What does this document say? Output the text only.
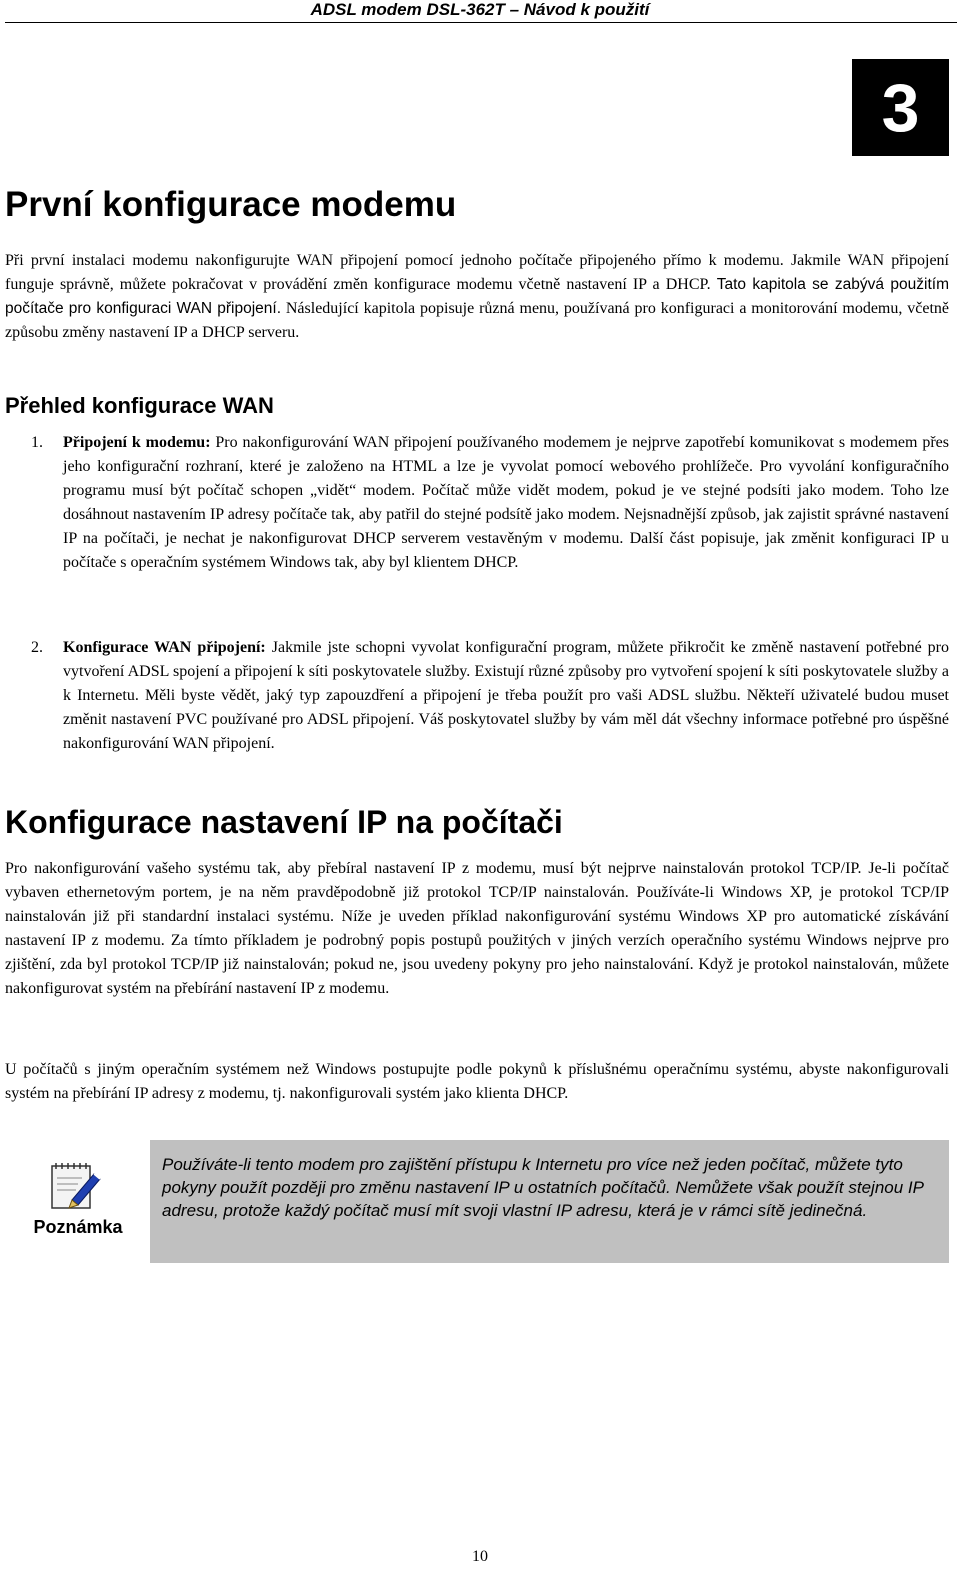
ADSL modem DSL-362T – Návod k použití
3
První konfigurace modemu

Při první instalaci modemu nakonfigurujte WAN připojení pomocí jednoho počítače připojeného přímo k modemu. Jakmile WAN připojení funguje správně, můžete pokračovat v provádění změn konfigurace modemu včetně nastavení IP a DHCP. Tato kapitola se zabývá použitím počítače pro konfiguraci WAN připojení. Následující kapitola popisuje různá menu, používaná pro konfiguraci a monitorování modemu, včetně způsobu změny nastavení IP a DHCP serveru.

Přehled konfigurace WAN
1. Připojení k modemu: Pro nakonfigurování WAN připojení používaného modemem je nejprve zapotřebí komunikovat s modemem přes jeho konfigurační rozhraní, které je založeno na HTML a lze je vyvolat pomocí webového prohlížeče. Pro vyvolání konfiguračního programu musí být počítač schopen „vidět“ modem. Počítač může vidět modem, pokud je ve stejné podsíti jako modem. Toho lze dosáhnout nastavením IP adresy počítače tak, aby patřil do stejné podsítě jako modem. Nejsnadnější způsob, jak zajistit správné nastavení IP na počítači, je nechat je nakonfigurovat DHCP serverem vestavěným v modemu. Další část popisuje, jak změnit konfiguraci IP u počítače s operačním systémem Windows tak, aby byl klientem DHCP.
2. Konfigurace WAN připojení: Jakmile jste schopni vyvolat konfigurační program, můžete přikročit ke změně nastavení potřebné pro vytvoření ADSL spojení a připojení k síti poskytovatele služby. Existují různé způsoby pro vytvoření spojení k síti poskytovatele služby a k Internetu. Měli byste vědět, jaký typ zapouzdření a připojení je třeba použít pro vaši ADSL službu. Někteří uživatelé budou muset změnit nastavení PVC používané pro ADSL připojení. Váš poskytovatel služby by vám měl dát všechny informace potřebné pro úspěšné nakonfigurování WAN připojení.
Konfigurace nastavení IP na počítači

Pro nakonfigurování vašeho systému tak, aby přebíral nastavení IP z modemu, musí být nejprve nainstalován protokol TCP/IP. Je-li počítač vybaven ethernetovým portem, je na něm pravděpodobně již protokol TCP/IP nainstalován. Používáte-li Windows XP, je protokol TCP/IP nainstalován již při standardní instalaci systému. Níže je uveden příklad nakonfigurování systému Windows XP pro automatické získávání nastavení IP z modemu. Za tímto příkladem je podrobný popis postupů použitých v jiných verzích operačního systému Windows nejprve pro zjištění, zda byl protokol TCP/IP již nainstalován; pokud ne, jsou uvedeny pokyny pro jeho nainstalování. Když je protokol nainstalován, můžete nakonfigurovat systém na přebírání nastavení IP z modemu.

U počítačů s jiným operačním systémem než Windows postupujte podle pokynů k příslušnému operačnímu systému, abyste nakonfigurovali systém na přebírání IP adresy z modemu, tj. nakonfigurovali systém jako klienta DHCP.

Poznámka
Používáte-li tento modem pro zajištění přístupu k Internetu pro více než jeden počítač, můžete tyto pokyny použít později pro změnu nastavení IP u ostatních počítačů. Nemůžete však použít stejnou IP adresu, protože každý počítač musí mít svoji vlastní IP adresu, která je v rámci sítě jedinečná.
10
